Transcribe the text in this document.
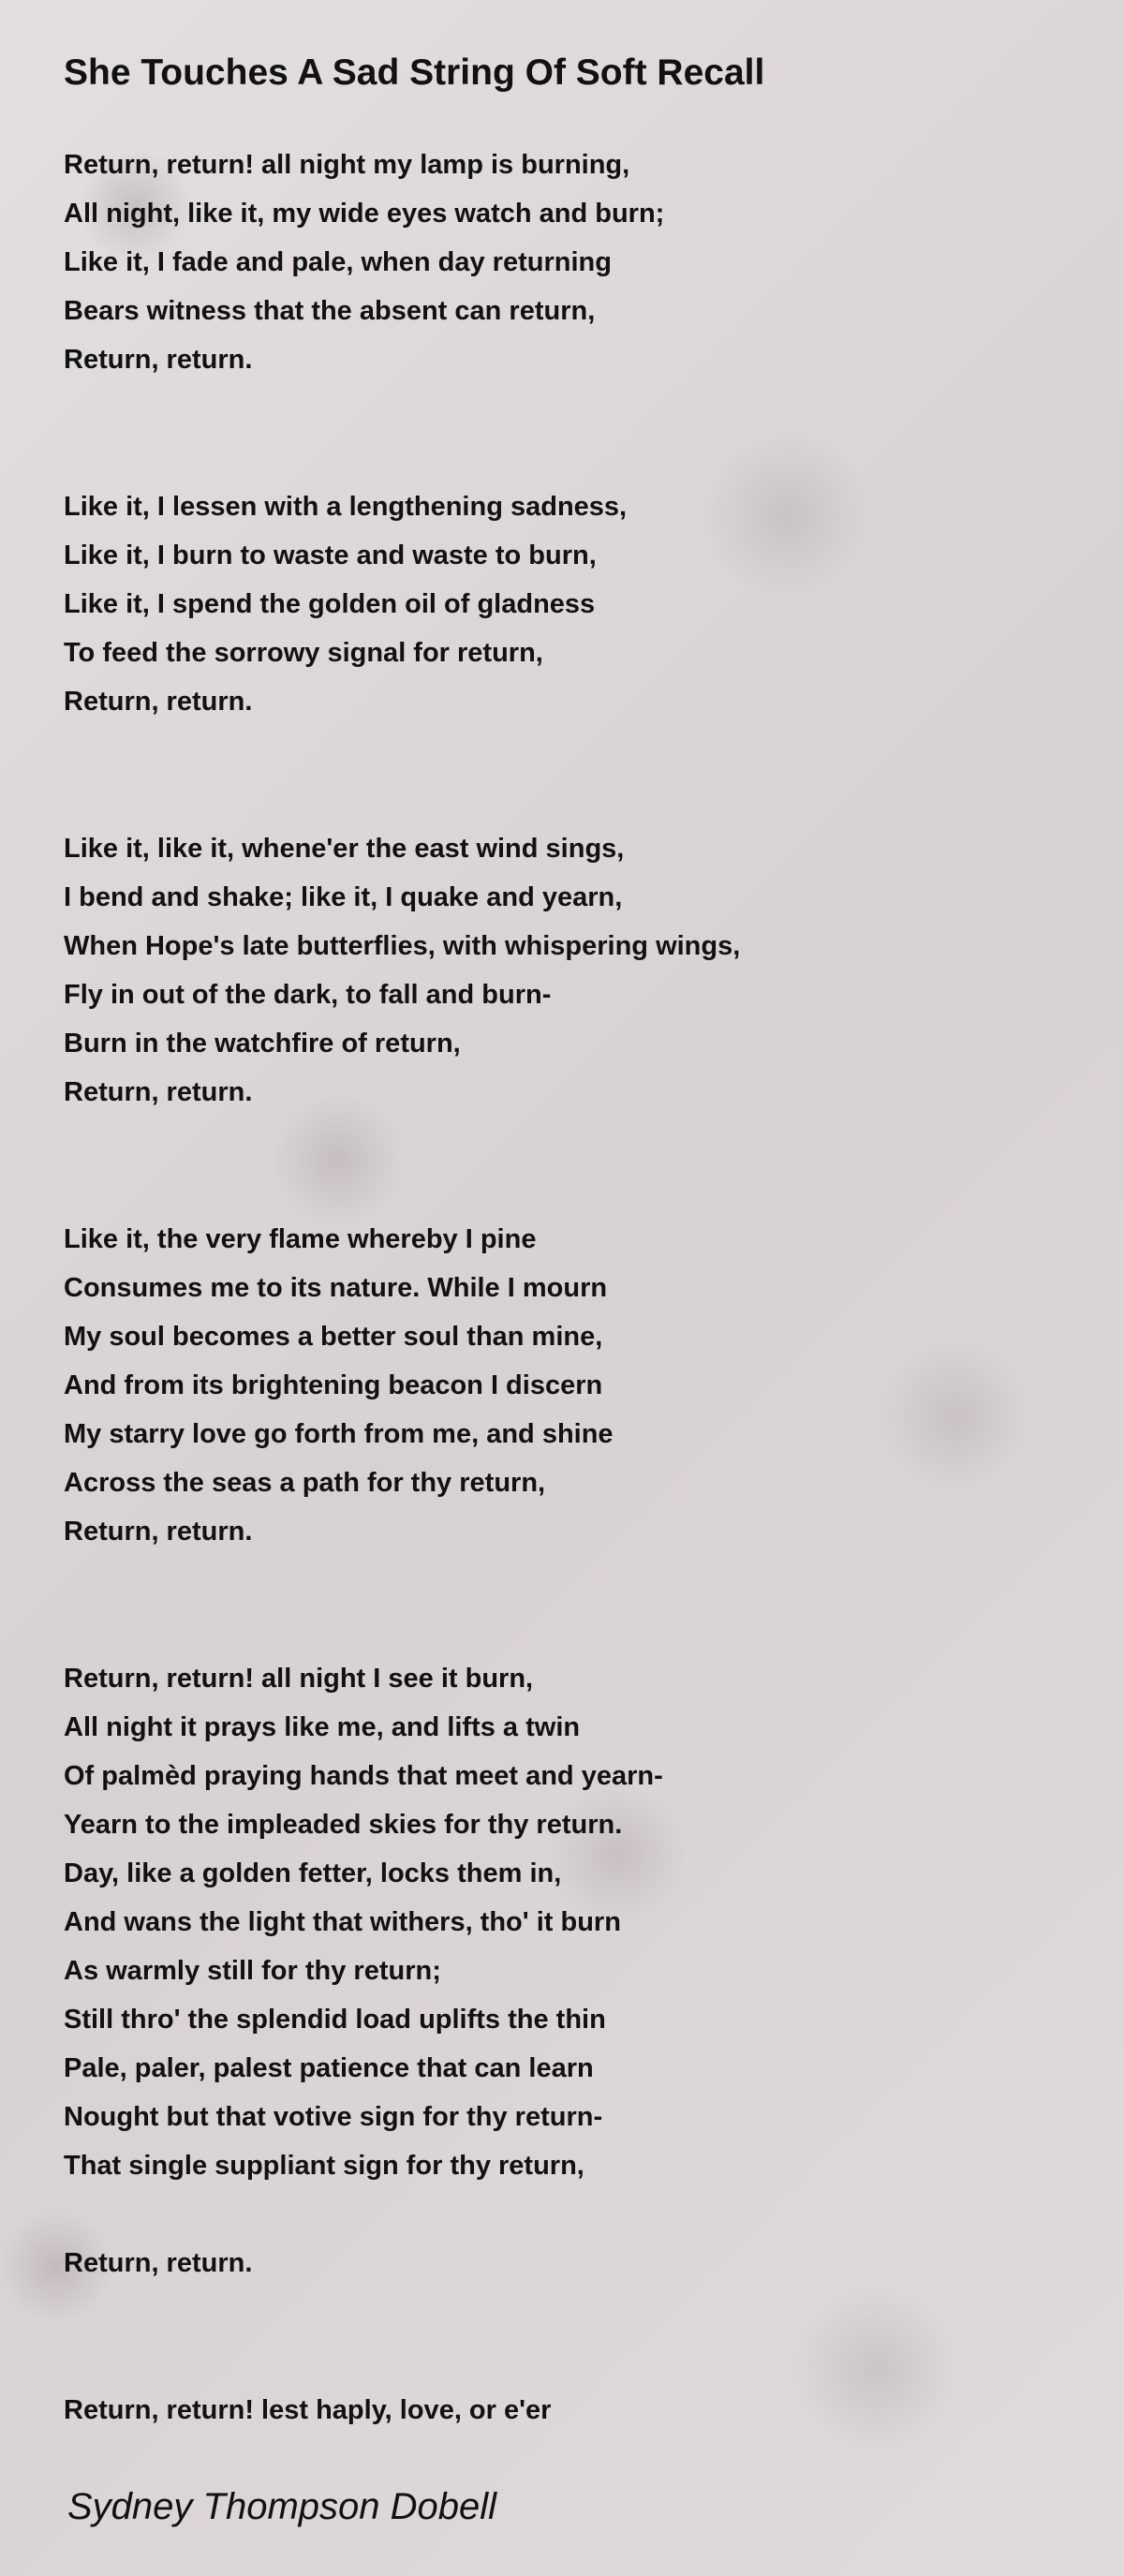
She Touches A Sad String Of Soft Recall
Return, return! all night my lamp is burning,
All night, like it, my wide eyes watch and burn;
Like it, I fade and pale, when day returning
Bears witness that the absent can return,
Return, return.
Like it, I lessen with a lengthening sadness,
Like it, I burn to waste and waste to burn,
Like it, I spend the golden oil of gladness
To feed the sorrowy signal for return,
Return, return.
Like it, like it, whene'er the east wind sings,
I bend and shake; like it, I quake and yearn,
When Hope's late butterflies, with whispering wings,
Fly in out of the dark, to fall and burn-
Burn in the watchfire of return,
Return, return.
Like it, the very flame whereby I pine
Consumes me to its nature. While I mourn
My soul becomes a better soul than mine,
And from its brightening beacon I discern
My starry love go forth from me, and shine
Across the seas a path for thy return,
Return, return.
Return, return! all night I see it burn,
All night it prays like me, and lifts a twin
Of palmèd praying hands that meet and yearn-
Yearn to the impleaded skies for thy return.
Day, like a golden fetter, locks them in,
And wans the light that withers, tho' it burn
As warmly still for thy return;
Still thro' the splendid load uplifts the thin
Pale, paler, palest patience that can learn
Nought but that votive sign for thy return-
That single suppliant sign for thy return,
Return, return.
Return, return! lest haply, love, or e'er
Sydney Thompson Dobell
